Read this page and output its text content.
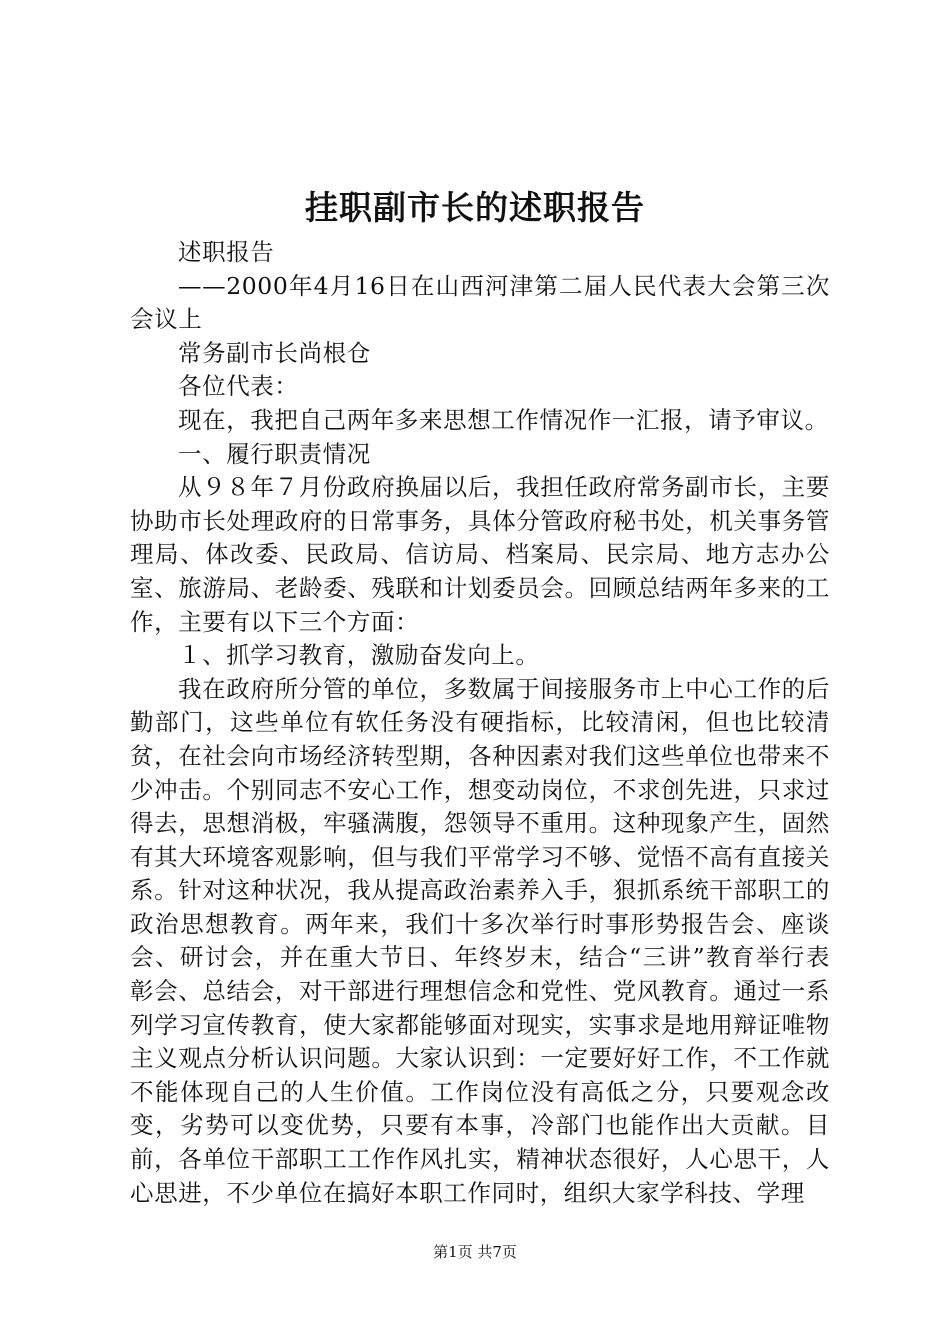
挂职副市长的述职报告

述职报告

——2000年4月16日在山西河津第二届人民代表大会第三次会议上

常务副市长尚根仓

各位代表：

现在，我把自己两年多来思想工作情况作一汇报，请予审议。

一、履行职责情况

从９８年７月份政府换届以后，我担任政府常务副市长，主要协助市长处理政府的日常事务，具体分管政府秘书处，机关事务管理局、体改委、民政局、信访局、档案局、民宗局、地方志办公室、旅游局、老龄委、残联和计划委员会。回顾总结两年多来的工作，主要有以下三个方面：

１、抓学习教育，激励奋发向上。

我在政府所分管的单位，多数属于间接服务市上中心工作的后勤部门，这些单位有软任务没有硬指标，比较清闲，但也比较清贫，在社会向市场经济转型期，各种因素对我们这些单位也带来不少冲击。个别同志不安心工作，想变动岗位，不求创先进，只求过得去，思想消极，牢骚满腹，怨领导不重用。这种现象产生，固然有其大环境客观影响，但与我们平常学习不够、觉悟不高有直接关系。针对这种状况，我从提高政治素养入手，狠抓系统干部职工的政治思想教育。两年来，我们十多次举行时事形势报告会、座谈会、研讨会，并在重大节日、年终岁末，结合“三讲”教育举行表彰会、总结会，对干部进行理想信念和党性、党风教育。通过一系列学习宣传教育，使大家都能够面对现实，实事求是地用辩证唯物主义观点分析认识问题。大家认识到：一定要好好工作，不工作就不能体现自己的人生价值。工作岗位没有高低之分，只要观念改变，劣势可以变优势，只要有本事，冷部门也能作出大贡献。目前，各单位干部职工工作作风扎实，精神状态很好，人心思干，人心思进，不少单位在搞好本职工作同时，组织大家学科技、学理

第1页 共7页
